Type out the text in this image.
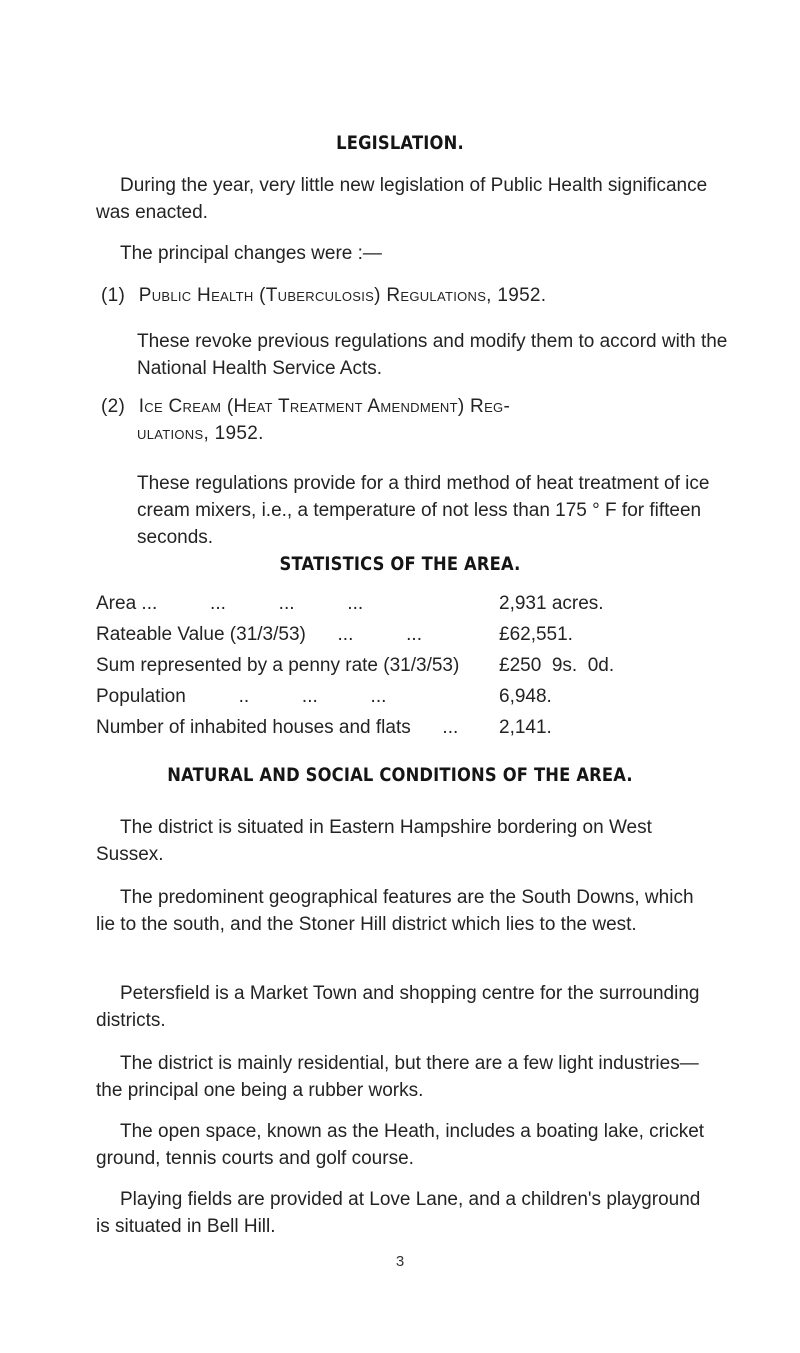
LEGISLATION.

During the year, very little new legislation of Public Health significance was enacted.

The principal changes were :—

(1) Public Health (Tuberculosis) Regulations, 1952.

These revoke previous regulations and modify them to accord with the National Health Service Acts.

(2) Ice Cream (Heat Treatment Amendment) Reg-
ulations, 1952.

These regulations provide for a third method of heat treatment of ice cream mixers, i.e., a temperature of not less than 175 ° F for fifteen seconds.

STATISTICS OF THE AREA.
Area ...          ...          ...          ...	2,931 acres.
Rateable Value (31/3/53)      ...          ...	£62,551.
Sum represented by a penny rate (31/3/53) £250  9s.  0d.
Population          ..          ...          ...	6,948.
Number of inhabited houses and flats      ... 2,141.
NATURAL AND SOCIAL CONDITIONS OF THE AREA.

The district is situated in Eastern Hampshire bordering on West Sussex.

The predominent geographical features are the South Downs, which lie to the south, and the Stoner Hill district which lies to the west.

Petersfield is a Market Town and shopping centre for the surrounding districts.

The district is mainly residential, but there are a few light industries—the principal one being a rubber works.

The open space, known as the Heath, includes a boating lake, cricket ground, tennis courts and golf course.

Playing fields are provided at Love Lane, and a children's playground is situated in Bell Hill.

3
